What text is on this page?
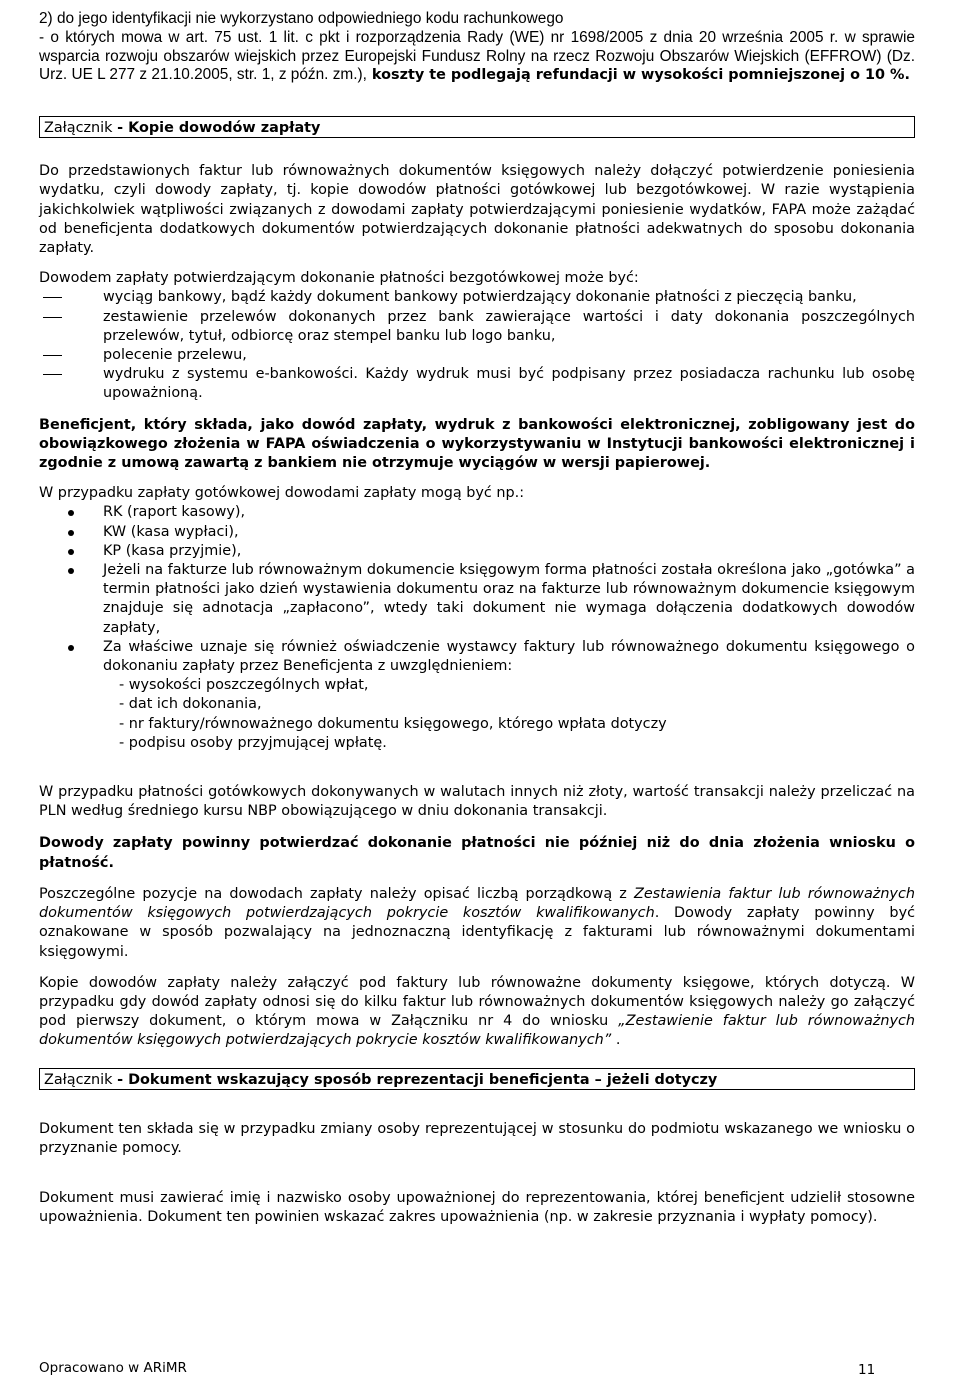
2) do jego identyfikacji nie wykorzystano odpowiedniego kodu rachunkowego

- o których mowa w art. 75 ust. 1 lit. c pkt i rozporządzenia Rady (WE) nr 1698/2005 z dnia 20 września 2005 r. w sprawie wsparcia rozwoju obszarów wiejskich przez Europejski Fundusz Rolny na rzecz Rozwoju Obszarów Wiejskich (EFFROW) (Dz. Urz. UE L 277 z 21.10.2005, str. 1, z późn. zm.), koszty te podlegają refundacji w wysokości pomniejszonej o 10 %.

Załącznik - Kopie dowodów zapłaty

Do przedstawionych faktur lub równoważnych dokumentów księgowych należy dołączyć potwierdzenie poniesienia wydatku, czyli dowody zapłaty, tj. kopie dowodów płatności gotówkowej lub bezgotówkowej. W razie wystąpienia jakichkolwiek wątpliwości związanych z dowodami zapłaty potwierdzającymi poniesienie wydatków, FAPA może zażądać od beneficjenta dodatkowych dokumentów potwierdzających dokonanie płatności adekwatnych do sposobu dokonania zapłaty.

Dowodem zapłaty potwierdzającym dokonanie płatności bezgotówkowej może być:

wyciąg bankowy, bądź każdy dokument bankowy potwierdzający dokonanie płatności z pieczęcią banku,
zestawienie przelewów dokonanych przez bank zawierające wartości i daty dokonania poszczególnych przelewów, tytuł, odbiorcę oraz stempel banku lub logo banku,
polecenie przelewu,
wydruku z systemu e-bankowości. Każdy wydruk musi być podpisany przez posiadacza rachunku lub osobę upoważnioną.

Beneficjent, który składa, jako dowód zapłaty, wydruk z bankowości elektronicznej, zobligowany jest do obowiązkowego złożenia w FAPA oświadczenia o wykorzystywaniu w Instytucji bankowości elektronicznej i zgodnie z umową zawartą z bankiem nie otrzymuje wyciągów w wersji papierowej.

W przypadku zapłaty gotówkowej dowodami zapłaty mogą być np.:

RK (raport kasowy),
KW (kasa wypłaci),
KP (kasa przyjmie),
Jeżeli na fakturze lub równoważnym dokumencie księgowym forma płatności została określona jako „gotówka” a termin płatności jako dzień wystawienia dokumentu oraz na fakturze lub równoważnym dokumencie księgowym znajduje się adnotacja „zapłacono”, wtedy taki dokument nie wymaga dołączenia dodatkowych dowodów zapłaty,
Za właściwe uznaje się również oświadczenie wystawcy faktury lub równoważnego dokumentu księgowego o dokonaniu zapłaty przez Beneficjenta z uwzględnieniem:
- wysokości poszczególnych wpłat,
- dat ich dokonania,
- nr faktury/równoważnego dokumentu księgowego, którego wpłata dotyczy
- podpisu osoby przyjmującej wpłatę.

W przypadku płatności gotówkowych dokonywanych w walutach innych niż złoty, wartość transakcji należy przeliczać na PLN według średniego kursu NBP obowiązującego w dniu dokonania transakcji.

Dowody zapłaty powinny potwierdzać dokonanie płatności nie później niż do dnia złożenia wniosku o płatność.

Poszczególne pozycje na dowodach zapłaty należy opisać liczbą porządkową z Zestawienia faktur lub równoważnych dokumentów księgowych potwierdzających pokrycie kosztów kwalifikowanych. Dowody zapłaty powinny być oznakowane w sposób pozwalający na jednoznaczną identyfikację z fakturami lub równoważnymi dokumentami księgowymi.

Kopie dowodów zapłaty należy załączyć pod faktury lub równoważne dokumenty księgowe, których dotyczą. W przypadku gdy dowód zapłaty odnosi się do kilku faktur lub równoważnych dokumentów księgowych należy go załączyć pod pierwszy dokument, o którym mowa w Załączniku nr 4 do wniosku „Zestawienie faktur lub równoważnych dokumentów księgowych potwierdzających pokrycie kosztów kwalifikowanych” .

Załącznik - Dokument wskazujący sposób reprezentacji beneficjenta – jeżeli dotyczy

Dokument ten składa się w przypadku zmiany osoby reprezentującej w stosunku do podmiotu wskazanego we wniosku o przyznanie pomocy.

Dokument musi zawierać imię i nazwisko osoby upoważnionej do reprezentowania, której beneficjent udzielił stosowne upoważnienia. Dokument ten powinien wskazać zakres upoważnienia (np. w zakresie przyznania i wypłaty pomocy).

Opracowano w ARiMR	11
